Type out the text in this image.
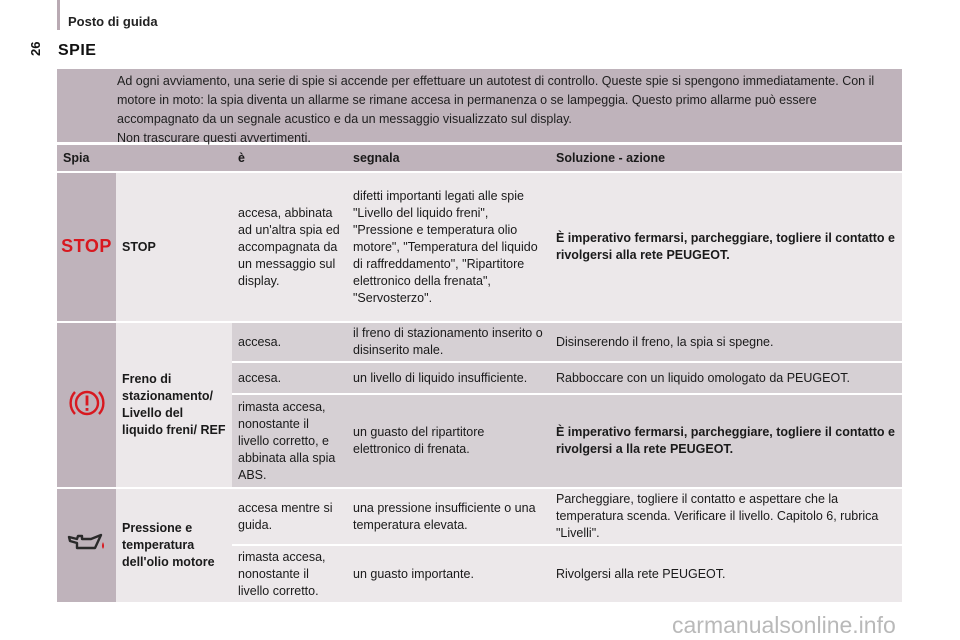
26
Posto di guida
SPIE

Ad ogni avviamento, una serie di spie si accende per effettuare un autotest di controllo. Queste spie si spengono immediatamente. Con il motore in moto: la spia diventa un allarme se rimane accesa in permanenza o se lampeggia. Questo primo allarme può essere accompagnato da un segnale acustico e da un messaggio visualizzato sul display.

Non trascurare questi avvertimenti.

Spia		è	segnala	Soluzione - azione
STOP	STOP	accesa, abbinata ad un'altra spia ed accompagnata da un messaggio sul display.	difetti importanti legati alle spie "Livello del liquido freni", "Pressione e temperatura olio motore", "Temperatura del liquido di raffreddamento", "Ripartitore elettronico della frenata", "Servosterzo".	È imperativo fermarsi, parcheggiare, togliere il contatto e rivolgersi alla rete PEUGEOT.
	Freno di stazionamento/ Livello del liquido freni/ REF	accesa.	il freno di stazionamento inserito o disinserito male.	Disinserendo il freno, la spia si spegne.
		accesa.	un livello di liquido insufficiente.	Rabboccare con un liquido omologato da PEUGEOT.
		rimasta accesa, nonostante il livello corretto, e abbinata alla spia ABS.	un guasto del ripartitore elettronico di frenata.	È imperativo fermarsi, parcheggiare, togliere il contatto e rivolgersi a lla rete PEUGEOT.
	Pressione e temperatura dell'olio motore	accesa mentre si guida.	una pressione insufficiente o una temperatura elevata.	Parcheggiare, togliere il contatto e aspettare che la temperatura scenda. Verificare il livello. Capitolo 6, rubrica "Livelli".
		rimasta accesa, nonostante il livello corretto.	un guasto importante.	Rivolgersi alla rete PEUGEOT.
carmanualsonline.info
